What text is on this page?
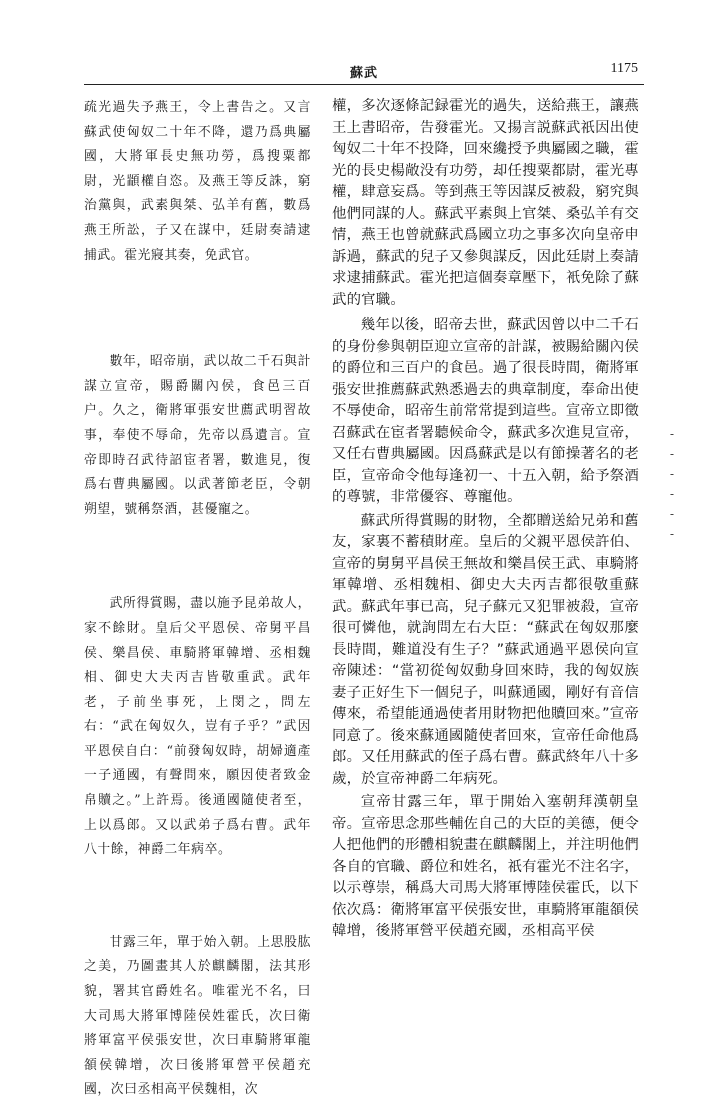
蘇武	1175

疏光過失予燕王，令上書告之。又言蘇武使匈奴二十年不降，還乃爲典屬國，大將軍長史無功勞，爲搜粟都尉，光顓權自恣。及燕王等反誅，窮治黨與，武素與桀、弘羊有舊，數爲燕王所訟，子又在謀中，廷尉奏請逮捕武。霍光寢其奏，免武官。

數年，昭帝崩，武以故二千石與計謀立宣帝，賜爵關內侯，食邑三百户。久之，衛將軍張安世薦武明習故事，奉使不辱命，先帝以爲遺言。宣帝即時召武待詔宦者署，數進見，復爲右曹典屬國。以武著節老臣，令朝朔望，號稱祭酒，甚優寵之。

武所得賞賜，盡以施予昆弟故人，家不餘財。皇后父平恩侯、帝舅平昌侯、樂昌侯、車騎將軍韓增、丞相魏相、御史大夫丙吉皆敬重武。武年老，子前坐事死，上閔之，問左右：“武在匈奴久，豈有子乎？”武因平恩侯自白：“前發匈奴時，胡婦適產一子通國，有聲問來，願因使者致金帛贖之。”上許焉。後通國隨使者至，上以爲郎。又以武弟子爲右曹。武年八十餘，神爵二年病卒。

甘露三年，單于始入朝。上思股肱之美，乃圖畫其人於麒麟閣，法其形貌，署其官爵姓名。唯霍光不名，曰大司馬大將軍博陸侯姓霍氏，次曰衛將軍富平侯張安世，次曰車騎將軍龍頟侯韓增，次曰後將軍營平侯趙充國，次曰丞相高平侯魏相，次

權，多次逐條記録霍光的過失，送給燕王，讓燕王上書昭帝，告發霍光。又揚言説蘇武祇因出使匈奴二十年不投降，回來纔授予典屬國之職，霍光的長史楊敞没有功勞，却任搜粟都尉，霍光專權，肆意妄爲。等到燕王等因謀反被殺，窮究與他們同謀的人。蘇武平素與上官桀、桑弘羊有交情，燕王也曾就蘇武爲國立功之事多次向皇帝申訴過，蘇武的兒子又參與謀反，因此廷尉上奏請求逮捕蘇武。霍光把這個奏章壓下，衹免除了蘇武的官職。

幾年以後，昭帝去世，蘇武因曾以中二千石的身份參與朝臣迎立宣帝的計謀，被賜給關內侯的爵位和三百户的食邑。過了很長時間，衛將軍張安世推薦蘇武熟悉過去的典章制度，奉命出使不辱使命，昭帝生前常常提到這些。宣帝立即徵召蘇武在宦者署聽候命令，蘇武多次進見宣帝，又任右曹典屬國。因爲蘇武是以有節操著名的老臣，宣帝命令他每逢初一、十五入朝，給予祭酒的尊號，非常優容、尊寵他。

蘇武所得賞賜的財物，全都贈送給兄弟和舊友，家裏不蓄積財産。皇后的父親平恩侯許伯、宣帝的舅舅平昌侯王無故和樂昌侯王武、車騎將軍韓增、丞相魏相、御史大夫丙吉都很敬重蘇武。蘇武年事已高，兒子蘇元又犯罪被殺，宣帝很可憐他，就詢問左右大臣：“蘇武在匈奴那麼長時間，難道没有生子？”蘇武通過平恩侯向宣帝陳述：“當初從匈奴動身回來時，我的匈奴族妻子正好生下一個兒子，叫蘇通國，剛好有音信傳來，希望能通過使者用財物把他贖回來。”宣帝同意了。後來蘇通國隨使者回來，宣帝任命他爲郎。又任用蘇武的侄子爲右曹。蘇武終年八十多歲，於宣帝神爵二年病死。

宣帝甘露三年，單于開始入塞朝拜漢朝皇帝。宣帝思念那些輔佐自己的大臣的美德，便令人把他們的形體相貌畫在麒麟閣上，并注明他們各自的官職、爵位和姓名，祇有霍光不注名字，以示尊崇，稱爲大司馬大將軍博陸侯霍氏，以下依次爲：衛將軍富平侯張安世，車騎將軍龍頟侯韓增，後將軍營平侯趙充國，丞相高平侯

- - - - - -
